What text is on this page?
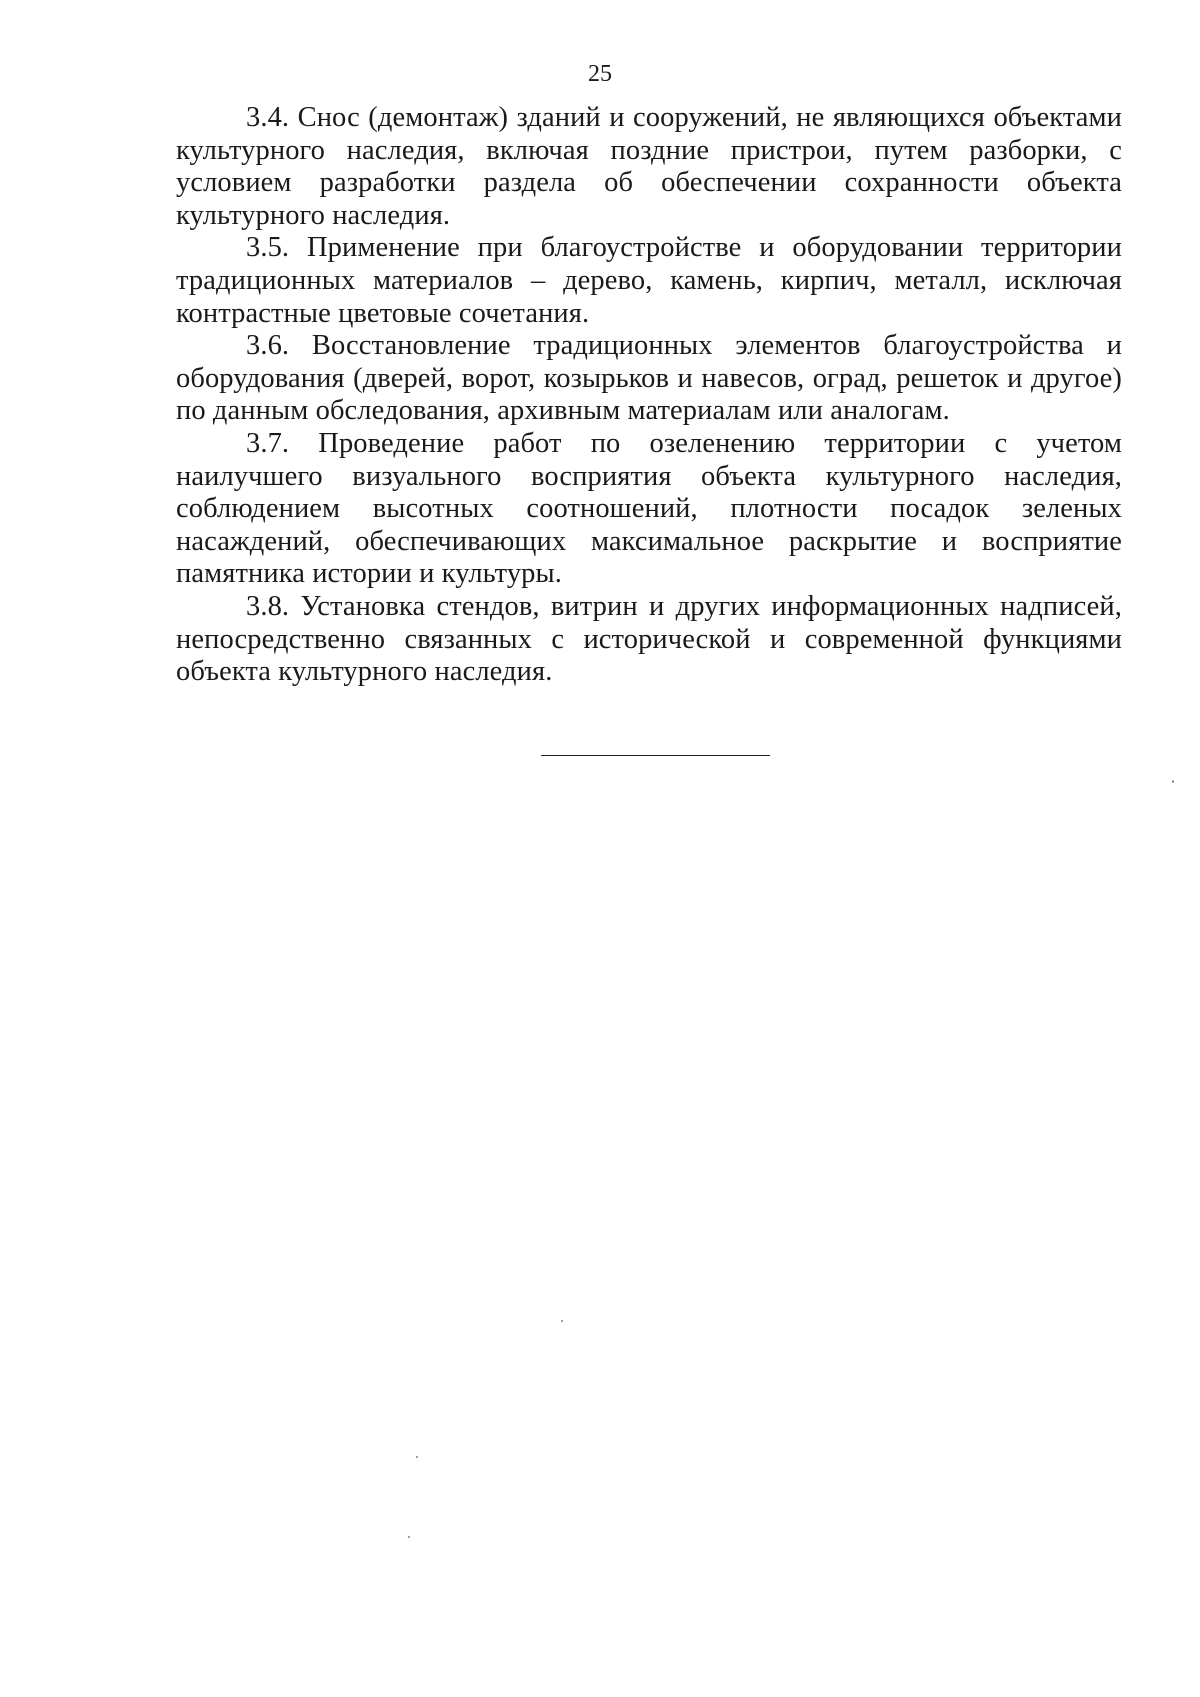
25

3.4. Снос (демонтаж) зданий и сооружений, не являющихся объектами культурного наследия, включая поздние пристрои, путем разборки, с условием разработки раздела об обеспечении сохранности объекта культурного наследия.

3.5. Применение при благоустройстве и оборудовании территории традиционных материалов – дерево, камень, кирпич, металл, исключая контрастные цветовые сочетания.

3.6. Восстановление традиционных элементов благоустройства и оборудования (дверей, ворот, козырьков и навесов, оград, решеток и другое) по данным обследования, архивным материалам или аналогам.

3.7. Проведение работ по озеленению территории с учетом наилучшего визуального восприятия объекта культурного наследия, соблюдением высотных соотношений, плотности посадок зеленых насаждений, обеспечивающих максимальное раскрытие и восприятие памятника истории и культуры.

3.8. Установка стендов, витрин и других информационных надписей, непосредственно связанных с исторической и современной функциями объекта культурного наследия.
